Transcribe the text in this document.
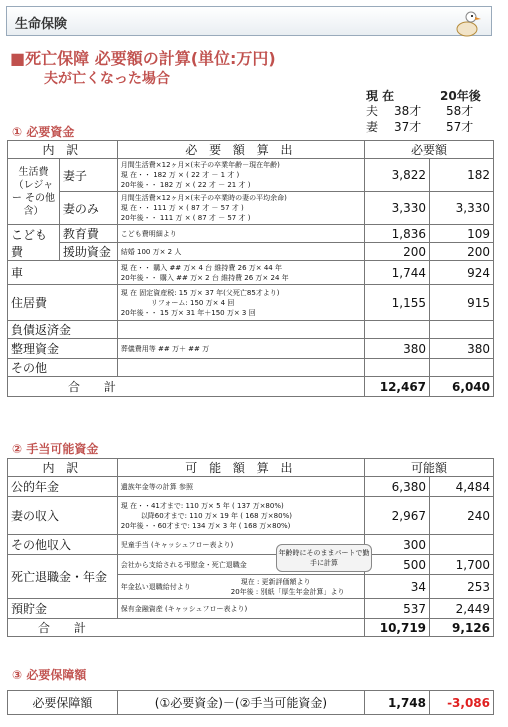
生命保険
■死亡保障 必要額の計算(単位:万円)
夫が亡くなった場合
現 在	20年後
夫 38才 58才
妻 37才 57才
① 必要資金
内 訳		必 要 額 算 出	必要額	
生活費（レジャー その他含）	妻子	月間生活費×12ヶ月×(末子の卒業年齢－現在年齢)
現 在・・ 182 万 × ( 22 才 － 1 才 )
20年後・・ 182 万 × ( 22 才 － 21 才 )	3,822	182
	妻のみ	月間生活費×12ヶ月×(末子の卒業時の妻の平均余命)
現 在・・ 111 万 × ( 87 才 － 57 才 )
20年後・・ 111 万 × ( 87 才 － 57 才 )	3,330	3,330
こども費	教育費	こども費明細より	1,836	109
	援助資金	結婚 100 万× 2 人	200	200
車		現 在・・ 購入 ## 万× 4 台 維持費 26 万× 44 年
20年後・・ 購入 ## 万× 2 台 維持費 26 万× 24 年	1,744	924
住居費		現 在 固定資産税: 15 万× 37 年(父死亡85才より)
リフォーム: 150 万× 4 回
20年後・・ 15 万× 31 年＋150 万× 3 回	1,155	915
負債返済金				
整理資金		葬儀費用等 ## 万＋ ## 万	380	380
その他				
合 計			12,467	6,040
② 手当可能資金
内 訳	可 能 額 算 出	可能額	
公的年金	遺族年金等の計算 参照	6,380	4,484
妻の収入	現 在・・41才まで: 110 万× 5 年 ( 137 万×80%)
以降60才まで: 110 万× 19 年 ( 168 万×80%)
20年後・・60才まで: 134 万× 3 年 ( 168 万×80%)	2,967	240
その他収入	児童手当 (キャッシュフロー表より)	300	
死亡退職金・年金	会社から支給される弔慰金・死亡退職金	500	1,700

	年金払い退職給付より
現在 : 更新評価額より
20年後 : 別紙「厚生年金計算」より	34	253
預貯金	保有金融資産 (キャッシュフロー表より)	537	2,449
合 計		10,719	9,126
年齢時にそのままパートで勤手に計算
③ 必要保障額
必要保障額	(①必要資金)－(②手当可能資金)	1,748	-3,086
